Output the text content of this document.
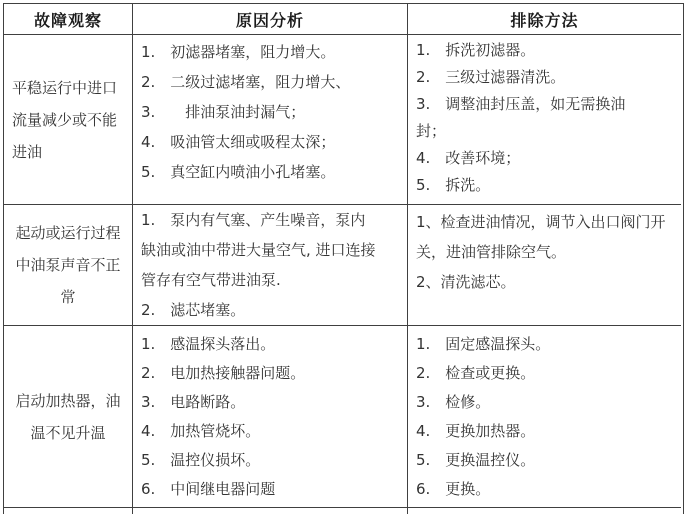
故障观察	原因分析	排除方法
平稳运行中进口
流量减少或不能
进油
1.　初滤器堵塞，阻力增大。
2.　二级过滤堵塞，阻力增大、
3.　　排油泵油封漏气；
4.　吸油管太细或吸程太深；
5.　真空缸内喷油小孔堵塞。
1.　拆洗初滤器。
2.　三级过滤器清洗。
3.　调整油封压盖，如无需换油
封；
4.　改善环境；
5.　拆洗。
起动或运行过程
中油泵声音不正
常
1.　泵内有气塞、产生噪音，泵内
缺油或油中带进大量空气, 进口连接
管存有空气带进油泵.
2.　滤芯堵塞。
1、检查进油情况，调节入出口阀门开
关，进油管排除空气。
2、清洗滤芯。
启动加热器，油
温不见升温
1.　感温探头落出。
2.　电加热接触器问题。
3.　电路断路。
4.　加热管烧坏。
5.　温控仪损坏。
6.　中间继电器问题
1.　固定感温探头。
2.　检查或更换。
3.　检修。
4.　更换加热器。
5.　更换温控仪。
6.　更换。
